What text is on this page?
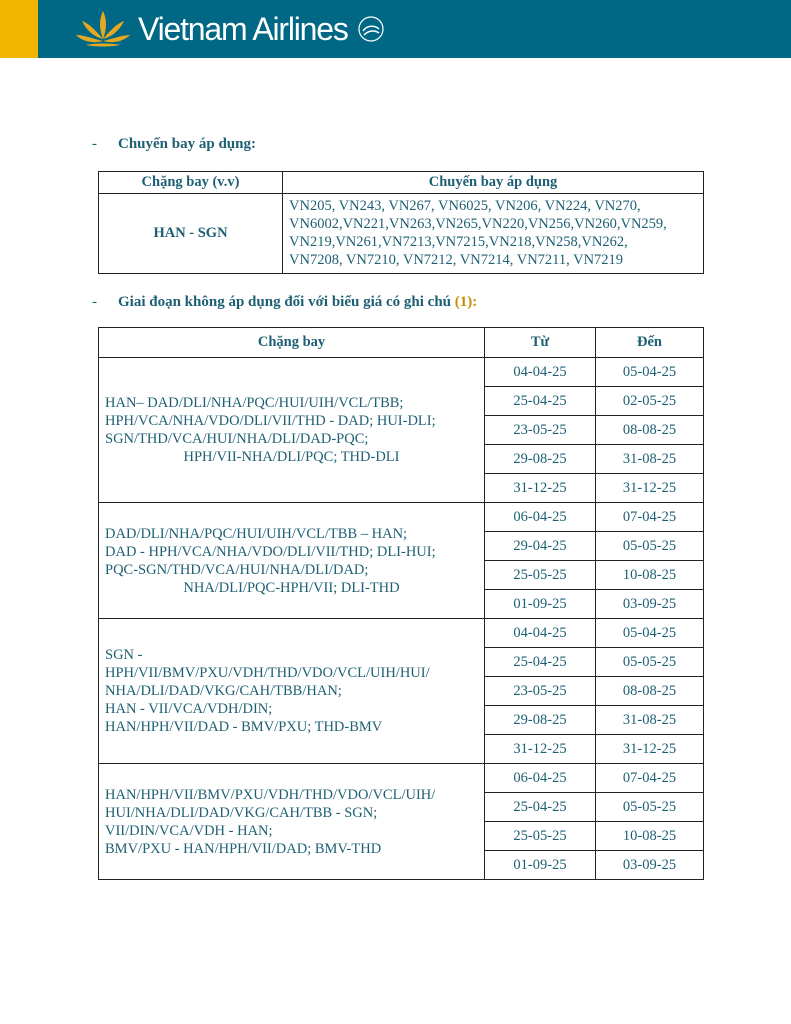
Vietnam Airlines
- Chuyến bay áp dụng:
Chặng bay (v.v)	Chuyến bay áp dụng
HAN - SGN	VN205, VN243, VN267, VN6025, VN206, VN224, VN270,
VN6002,VN221,VN263,VN265,VN220,VN256,VN260,VN259,
VN219,VN261,VN7213,VN7215,VN218,VN258,VN262,
VN7208, VN7210, VN7212, VN7214, VN7211, VN7219
- Giai đoạn không áp dụng đối với biểu giá có ghi chú (1):
Chặng bay	Từ	Đến

HAN– DAD/DLI/NHA/PQC/HUI/UIH/VCL/TBB;
HPH/VCA/NHA/VDO/DLI/VII/THD - DAD; HUI-DLI;
SGN/THD/VCA/HUI/NHA/DLI/DAD-PQC;
HPH/VII-NHA/DLI/PQC; THD-DLI	04-04-25	05-04-25
	25-04-25	02-05-25
	23-05-25	08-08-25
	29-08-25	31-08-25
	31-12-25	31-12-25

DAD/DLI/NHA/PQC/HUI/UIH/VCL/TBB – HAN;
DAD - HPH/VCA/NHA/VDO/DLI/VII/THD; DLI-HUI;
PQC-SGN/THD/VCA/HUI/NHA/DLI/DAD;
NHA/DLI/PQC-HPH/VII; DLI-THD	06-04-25	07-04-25
	29-04-25	05-05-25
	25-05-25	10-08-25
	01-09-25	03-09-25

SGN -
HPH/VII/BMV/PXU/VDH/THD/VDO/VCL/UIH/HUI/
NHA/DLI/DAD/VKG/CAH/TBB/HAN;
HAN - VII/VCA/VDH/DIN;
HAN/HPH/VII/DAD - BMV/PXU; THD-BMV	04-04-25	05-04-25
	25-04-25	05-05-25
	23-05-25	08-08-25
	29-08-25	31-08-25
	31-12-25	31-12-25

HAN/HPH/VII/BMV/PXU/VDH/THD/VDO/VCL/UIH/
HUI/NHA/DLI/DAD/VKG/CAH/TBB - SGN;
VII/DIN/VCA/VDH - HAN;
BMV/PXU - HAN/HPH/VII/DAD; BMV-THD	06-04-25	07-04-25
	25-04-25	05-05-25
	25-05-25	10-08-25
	01-09-25	03-09-25
